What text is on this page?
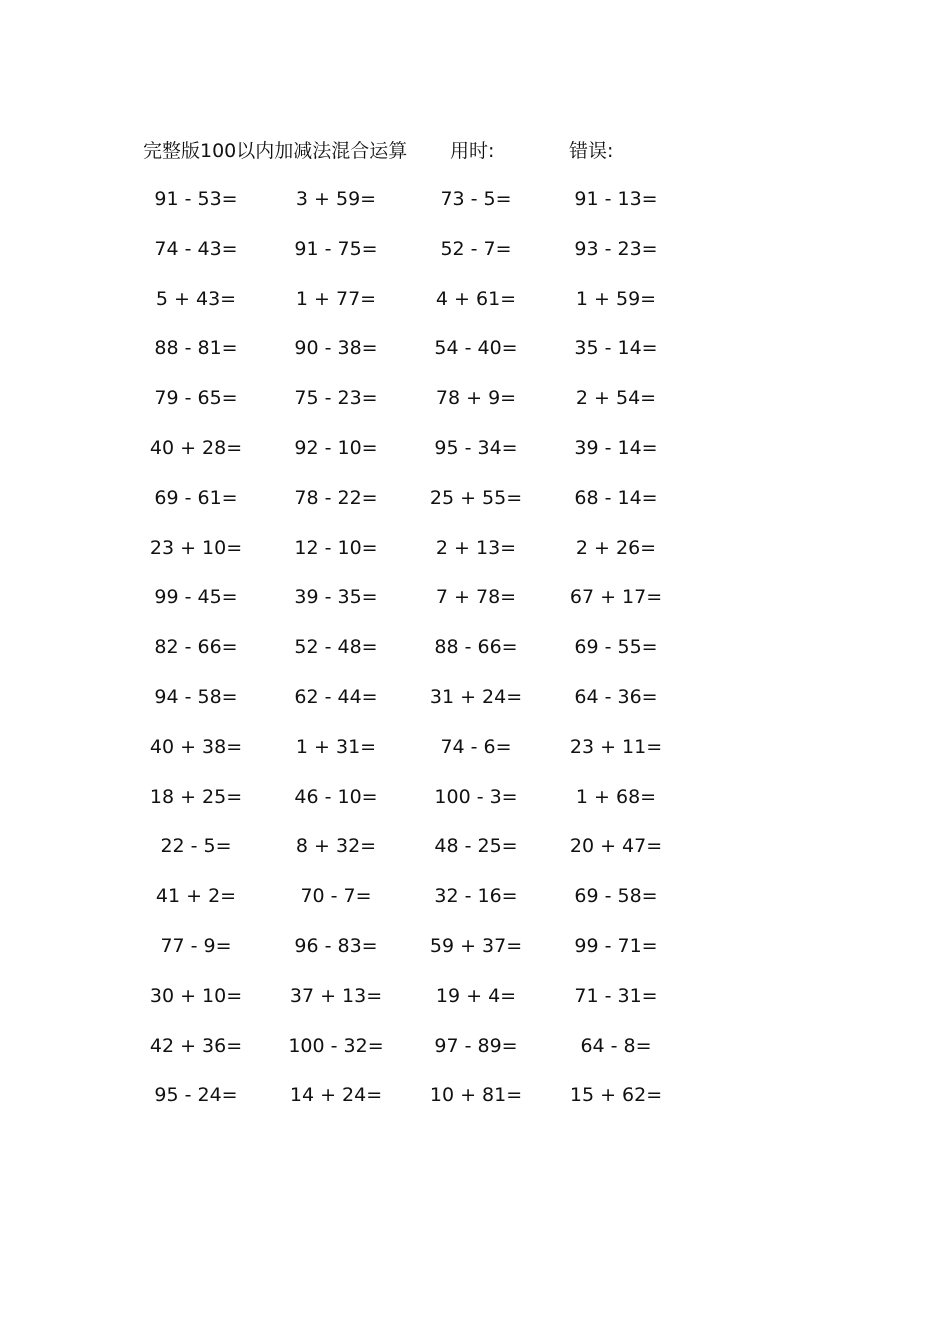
完整版100以内加减法混合运算 用时:	错误:
91 - 53=	3 + 59=	73 - 5=	91 - 13=
74 - 43=	91 - 75=	52 - 7=	93 - 23=
5 + 43=	1 + 77=	4 + 61=	1 + 59=
88 - 81=	90 - 38=	54 - 40=	35 - 14=
79 - 65=	75 - 23=	78 + 9=	2 + 54=
40 + 28=	92 - 10=	95 - 34=	39 - 14=
69 - 61=	78 - 22=	25 + 55=	68 - 14=
23 + 10=	12 - 10=	2 + 13=	2 + 26=
99 - 45=	39 - 35=	7 + 78=	67 + 17=
82 - 66=	52 - 48=	88 - 66=	69 - 55=
94 - 58=	62 - 44=	31 + 24=	64 - 36=
40 + 38=	1 + 31=	74 - 6=	23 + 11=
18 + 25=	46 - 10=	100 - 3=	1 + 68=
22 - 5=	8 + 32=	48 - 25=	20 + 47=
41 + 2=	70 - 7=	32 - 16=	69 - 58=
77 - 9=	96 - 83=	59 + 37=	99 - 71=
30 + 10=	37 + 13=	19 + 4=	71 - 31=
42 + 36=	100 - 32=	97 - 89=	64 - 8=
95 - 24=	14 + 24=	10 + 81=	15 + 62=
